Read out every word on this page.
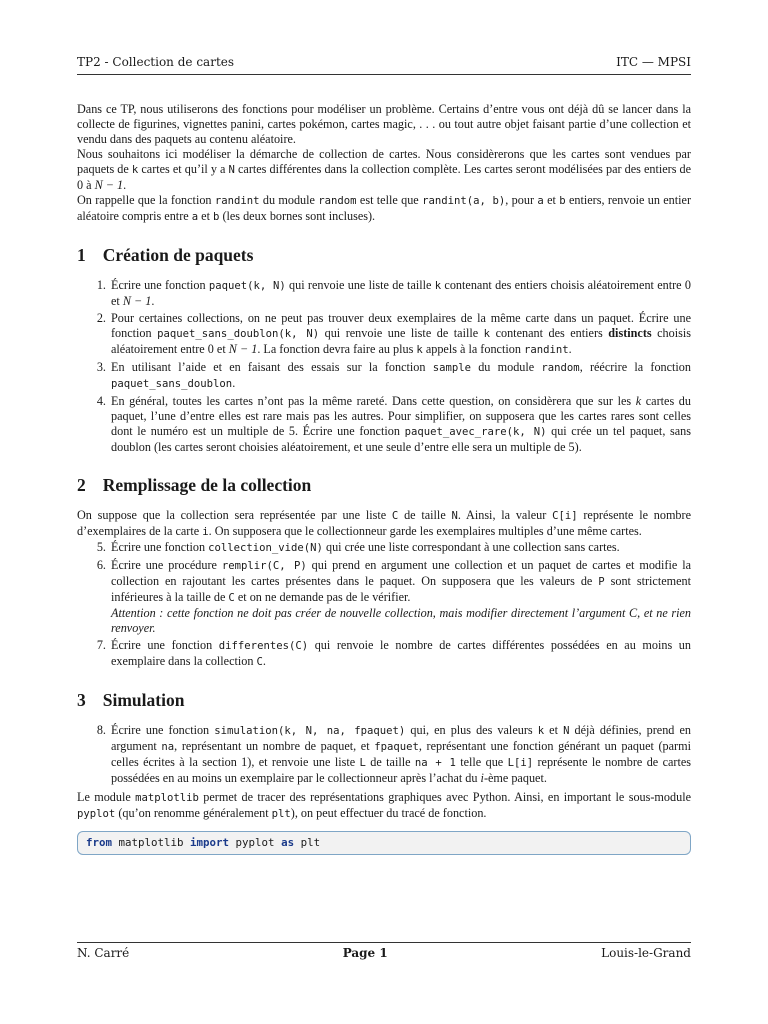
TP2 - Collection de cartes	ITC — MPSI

Dans ce TP, nous utiliserons des fonctions pour modéliser un problème. Certains d’entre vous ont déjà dû se lancer dans la collecte de figurines, vignettes panini, cartes pokémon, cartes magic, . . . ou tout autre objet faisant partie d’une collection et vendu dans des paquets au contenu aléatoire.

Nous souhaitons ici modéliser la démarche de collection de cartes. Nous considèrerons que les cartes sont vendues par paquets de k cartes et qu’il y a N cartes différentes dans la collection complète. Les cartes seront modélisées par des entiers de 0 à N − 1.

On rappelle que la fonction randint du module random est telle que randint(a, b), pour a et b entiers, renvoie un entier aléatoire compris entre a et b (les deux bornes sont incluses).

1 Création de paquets
1. Écrire une fonction paquet(k, N) qui renvoie une liste de taille k contenant des entiers choisis aléatoirement entre 0 et N − 1.
2. Pour certaines collections, on ne peut pas trouver deux exemplaires de la même carte dans un paquet. Écrire une fonction paquet_sans_doublon(k, N) qui renvoie une liste de taille k contenant des entiers distincts choisis aléatoirement entre 0 et N − 1. La fonction devra faire au plus k appels à la fonction randint.
3. En utilisant l’aide et en faisant des essais sur la fonction sample du module random, réécrire la fonction paquet_sans_doublon.
4. En général, toutes les cartes n’ont pas la même rareté. Dans cette question, on considèrera que sur les k cartes du paquet, l’une d’entre elles est rare mais pas les autres. Pour simplifier, on supposera que les cartes rares sont celles dont le numéro est un multiple de 5. Écrire une fonction paquet_avec_rare(k, N) qui crée un tel paquet, sans doublon (les cartes seront choisies aléatoirement, et une seule d’entre elle sera un multiple de 5).
2 Remplissage de la collection

On suppose que la collection sera représentée par une liste C de taille N. Ainsi, la valeur C[i] représente le nombre d’exemplaires de la carte i. On supposera que le collectionneur garde les exemplaires multiples d’une même cartes.

5. Écrire une fonction collection_vide(N) qui crée une liste correspondant à une collection sans cartes.
6. Écrire une procédure remplir(C, P) qui prend en argument une collection et un paquet de cartes et modifie la collection en rajoutant les cartes présentes dans le paquet. On supposera que les valeurs de P sont strictement inférieures à la taille de C et on ne demande pas de le vérifier.
Attention : cette fonction ne doit pas créer de nouvelle collection, mais modifier directement l’argument C, et ne rien renvoyer.
7. Écrire une fonction differentes(C) qui renvoie le nombre de cartes différentes possédées en au moins un exemplaire dans la collection C.
3 Simulation
8. Écrire une fonction simulation(k, N, na, fpaquet) qui, en plus des valeurs k et N déjà définies, prend en argument na, représentant un nombre de paquet, et fpaquet, représentant une fonction générant un paquet (parmi celles écrites à la section 1), et renvoie une liste L de taille na + 1 telle que L[i] représente le nombre de cartes possédées en au moins un exemplaire par le collectionneur après l’achat du i-ème paquet.

Le module matplotlib permet de tracer des représentations graphiques avec Python. Ainsi, en important le sous-module pyplot (qu’on renomme généralement plt), on peut effectuer du tracé de fonction.

from matplotlib import pyplot as plt
N. Carré	Page 1	Louis-le-Grand
